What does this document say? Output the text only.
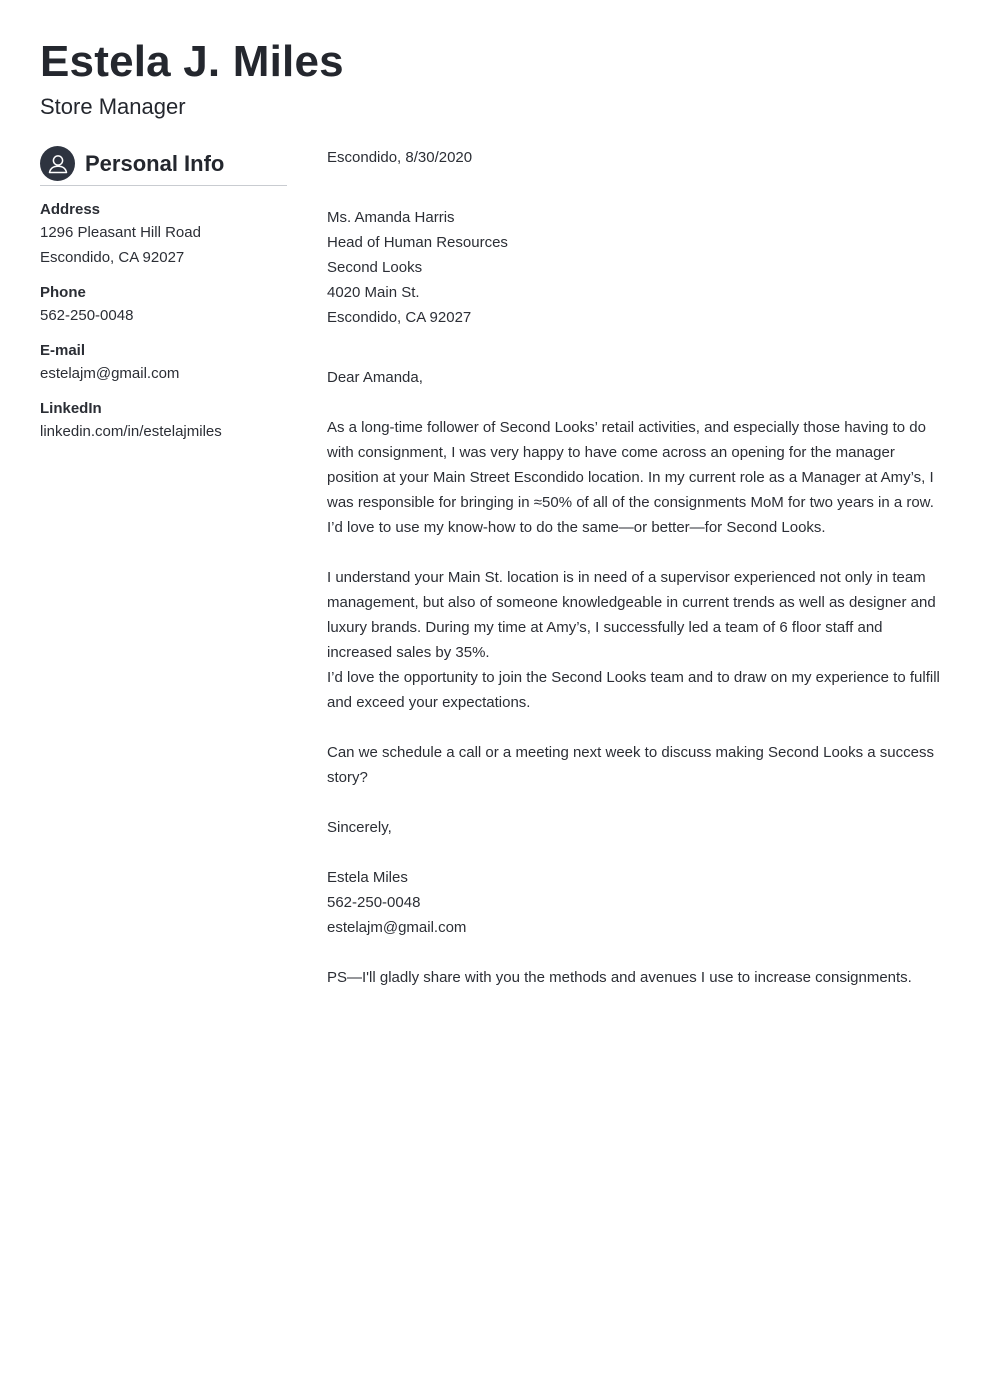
Estela J. Miles
Store Manager
Personal Info
Address
1296 Pleasant Hill Road
Escondido, CA 92027
Phone
562-250-0048
E-mail
estelajm@gmail.com
LinkedIn
linkedin.com/in/estelajmiles
Escondido, 8/30/2020
Ms. Amanda Harris
Head of Human Resources
Second Looks
4020 Main St.
Escondido, CA 92027
Dear Amanda,

As a long-time follower of Second Looks’ retail activities, and especially those having to do with consignment, I was very happy to have come across an opening for the manager position at your Main Street Escondido location. In my current role as a Manager at Amy’s, I was responsible for bringing in ≈50% of all of the consignments MoM for two years in a row. I’d love to use my know-how to do the same—or better—for Second Looks.

I understand your Main St. location is in need of a supervisor experienced not only in team management, but also of someone knowledgeable in current trends as well as designer and luxury brands. During my time at Amy’s, I successfully led a team of 6 floor staff and increased sales by 35%.
I’d love the opportunity to join the Second Looks team and to draw on my experience to fulfill and exceed your expectations.

Can we schedule a call or a meeting next week to discuss making Second Looks a success story?

Sincerely,

Estela Miles
562-250-0048
estelajm@gmail.com

PS—I'll gladly share with you the methods and avenues I use to increase consignments.
